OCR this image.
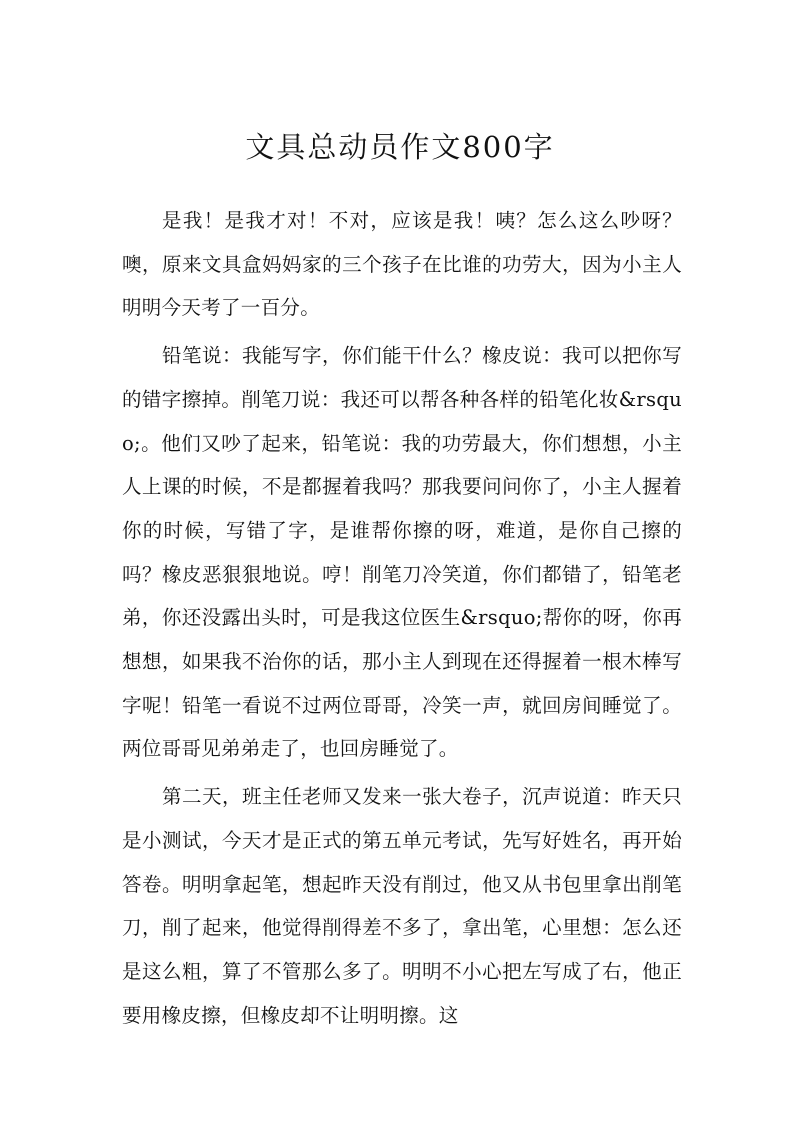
文具总动员作文800字

是我！是我才对！不对，应该是我！咦？怎么这么吵呀？噢，原来文具盒妈妈家的三个孩子在比谁的功劳大，因为小主人明明今天考了一百分。

铅笔说：我能写字，你们能干什么？橡皮说：我可以把你写的错字擦掉。削笔刀说：我还可以帮各种各样的铅笔化妆&rsquo;。他们又吵了起来，铅笔说：我的功劳最大，你们想想，小主人上课的时候，不是都握着我吗？那我要问问你了，小主人握着你的时候，写错了字，是谁帮你擦的呀，难道，是你自己擦的吗？橡皮恶狠狠地说。哼！削笔刀冷笑道，你们都错了，铅笔老弟，你还没露出头时，可是我这位医生&rsquo;帮你的呀，你再想想，如果我不治你的话，那小主人到现在还得握着一根木棒写字呢！铅笔一看说不过两位哥哥，冷笑一声，就回房间睡觉了。两位哥哥见弟弟走了，也回房睡觉了。

第二天，班主任老师又发来一张大卷子，沉声说道：昨天只是小测试，今天才是正式的第五单元考试，先写好姓名，再开始答卷。明明拿起笔，想起昨天没有削过，他又从书包里拿出削笔刀，削了起来，他觉得削得差不多了，拿出笔，心里想：怎么还是这么粗，算了不管那么多了。明明不小心把左写成了右，他正要用橡皮擦，但橡皮却不让明明擦。这
